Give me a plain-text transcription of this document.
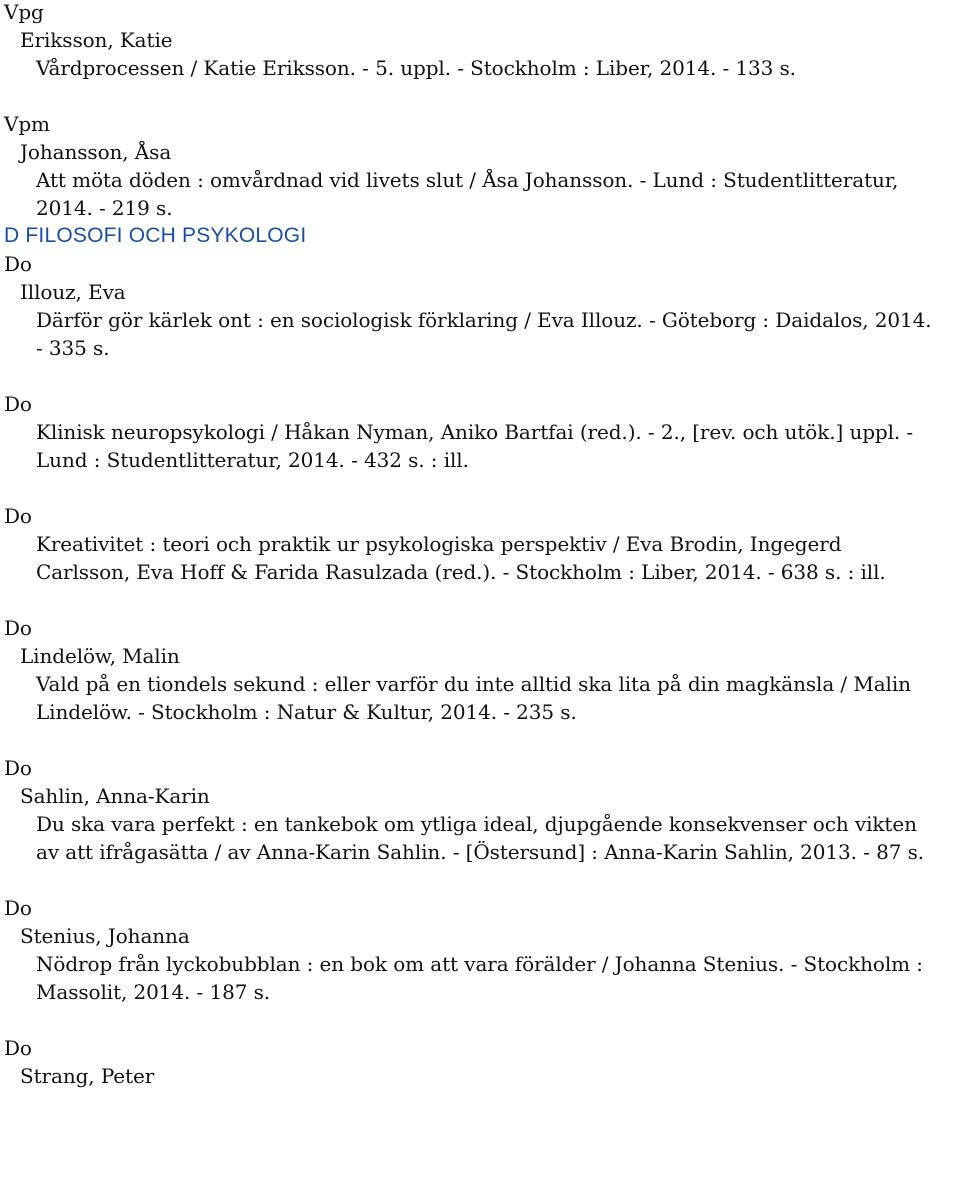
Vpg
Eriksson, Katie
Vårdprocessen / Katie Eriksson. - 5. uppl. - Stockholm : Liber, 2014. - 133 s.
Vpm
Johansson, Åsa
Att möta döden : omvårdnad vid livets slut / Åsa Johansson. - Lund : Studentlitteratur, 2014. - 219 s.
D FILOSOFI OCH PSYKOLOGI
Do
Illouz, Eva
Därför gör kärlek ont : en sociologisk förklaring / Eva Illouz. - Göteborg : Daidalos, 2014. - 335 s.
Do
Klinisk neuropsykologi / Håkan Nyman, Aniko Bartfai (red.). - 2., [rev. och utök.] uppl. - Lund : Studentlitteratur, 2014. - 432 s. : ill.
Do
Kreativitet : teori och praktik ur psykologiska perspektiv / Eva Brodin, Ingegerd Carlsson, Eva Hoff & Farida Rasulzada (red.). - Stockholm : Liber, 2014. - 638 s. : ill.
Do
Lindelöw, Malin
Vald på en tiondels sekund : eller varför du inte alltid ska lita på din magkänsla / Malin Lindelöw. - Stockholm : Natur & Kultur, 2014. - 235 s.
Do
Sahlin, Anna-Karin
Du ska vara perfekt : en tankebok om ytliga ideal, djupgående konsekvenser och vikten av att ifrågasätta / av Anna-Karin Sahlin. - [Östersund] : Anna-Karin Sahlin, 2013. - 87 s.
Do
Stenius, Johanna
Nödrop från lyckobubblan : en bok om att vara förälder / Johanna Stenius. - Stockholm : Massolit, 2014. - 187 s.
Do
Strang, Peter
